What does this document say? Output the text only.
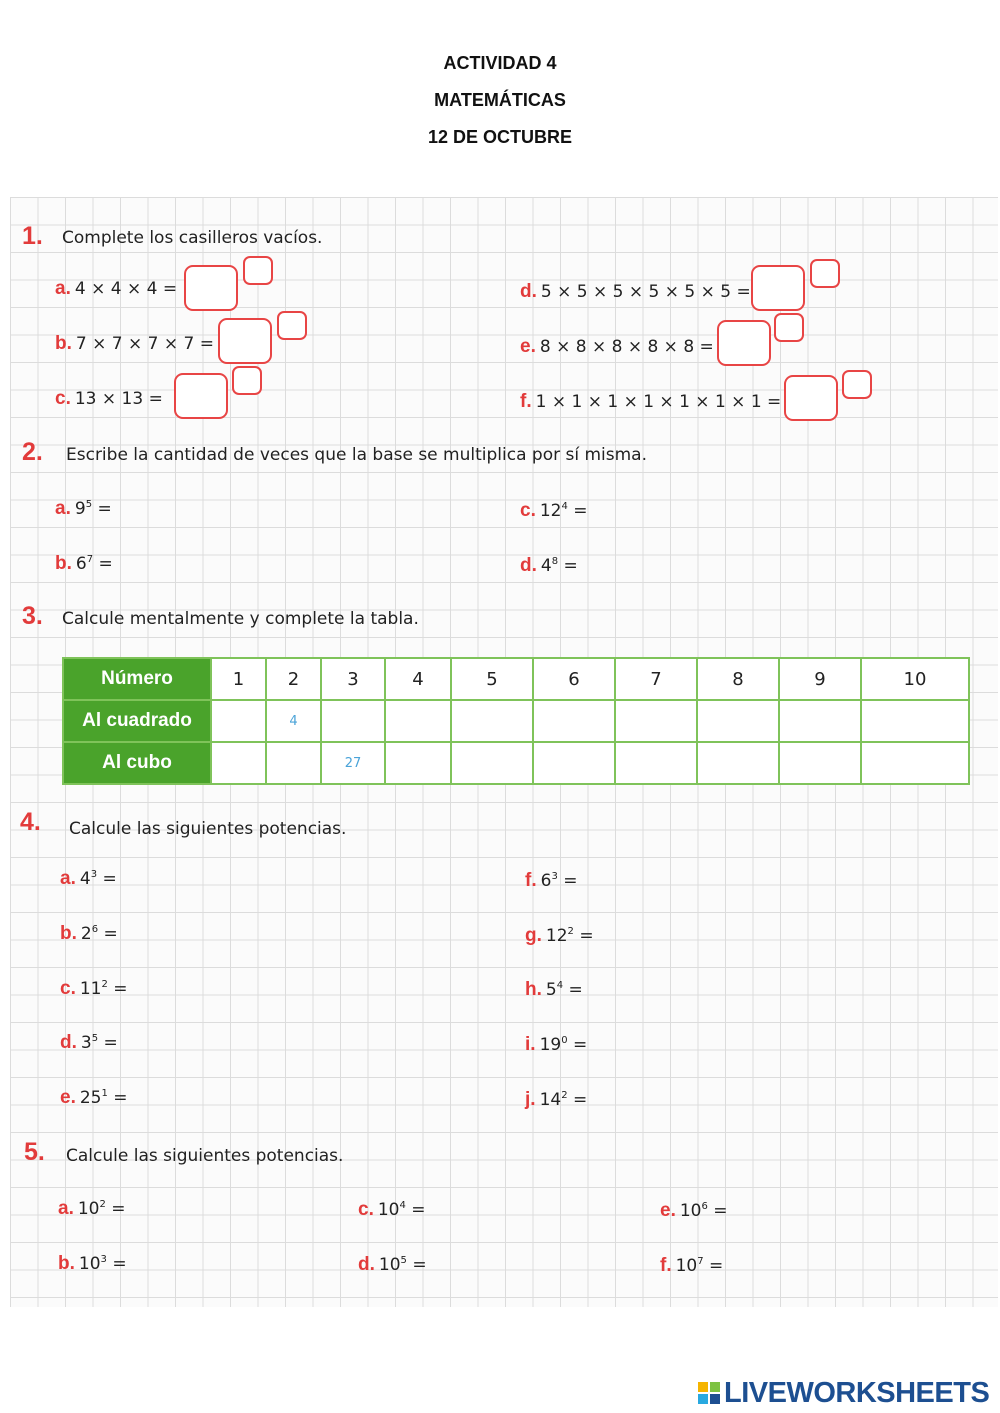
ACTIVIDAD 4
MATEMÁTICAS
12 DE OCTUBRE
1. Complete los casilleros vacíos.
a. 4 × 4 × 4 =
b. 7 × 7 × 7 × 7 =
c. 13 × 13 =
d. 5 × 5 × 5 × 5 × 5 × 5 =
e. 8 × 8 × 8 × 8 × 8 =
f. 1 × 1 × 1 × 1 × 1 × 1 × 1 =
2. Escribe la cantidad de veces que la base se multiplica por sí misma.
a. $9^5$ =
b. $6^7$ =
c. $12^4$ =
d. $4^8$ =
3. Calcule mentalmente y complete la tabla.
Número	1	2	3	4	5	6	7	8	9	10
Al cuadrado		4								
Al cubo			27							
4. Calcule las siguientes potencias.
a. $4^3$ =
b. $2^6$ =
c. $11^2$ =
d. $3^5$ =
e. $25^1$ =
f. $6^3$ =
g. $12^2$ =
h. $5^4$ =
i. $19^0$ =
j. $14^2$ =
5. Calcule las siguientes potencias.
a. $10^2$ =
b. $10^3$ =
c. $10^4$ =
d. $10^5$ =
e. $10^6$ =
f. $10^7$ =
LIVEWORKSHEETS
